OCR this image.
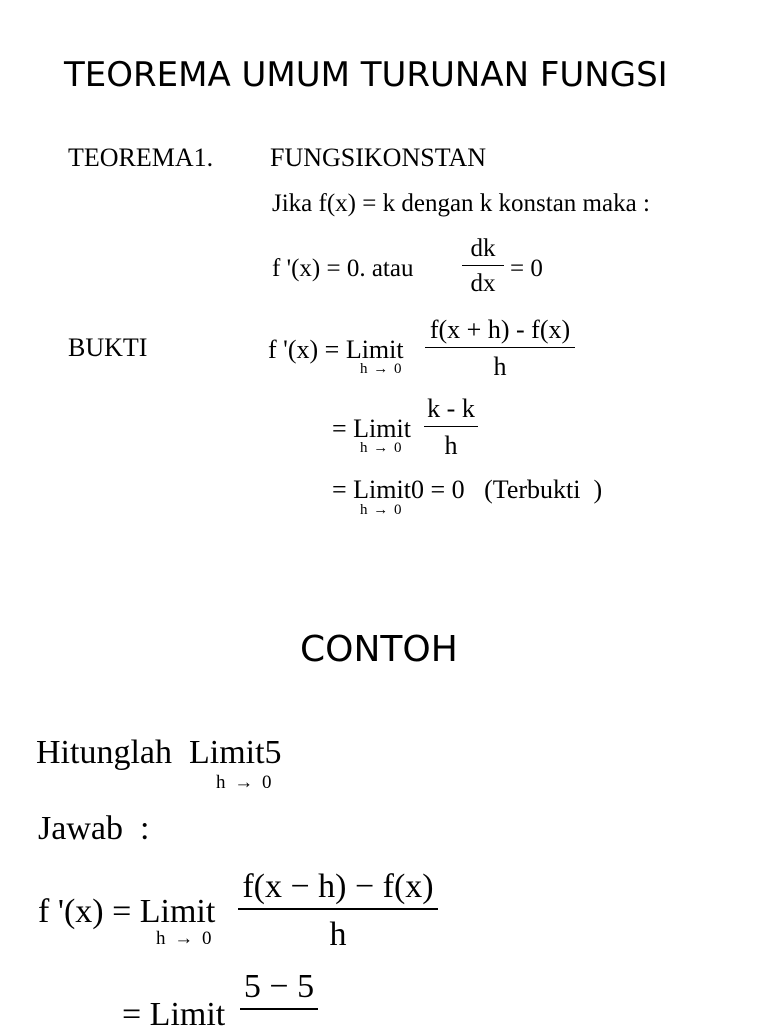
TEOREMA UMUM TURUNAN FUNGSI
TEOREMA1. FUNGSIKONSTAN
Jika f(x) = k dengan k konstan maka :
f '(x) = 0. atau
dk
dx
= 0
BUKTI	f '(x) = Limit
h → 0
f(x + h) - f(x)
h
= Limit
h → 0
k - k
h
= Limit0 = 0   (Terbukti  )
h → 0
CONTOH
Hitunglah  Limit5
h → 0
Jawab  :
f '(x) = Limit
h → 0
f(x − h) − f(x)
h
= Limit
5 − 5
